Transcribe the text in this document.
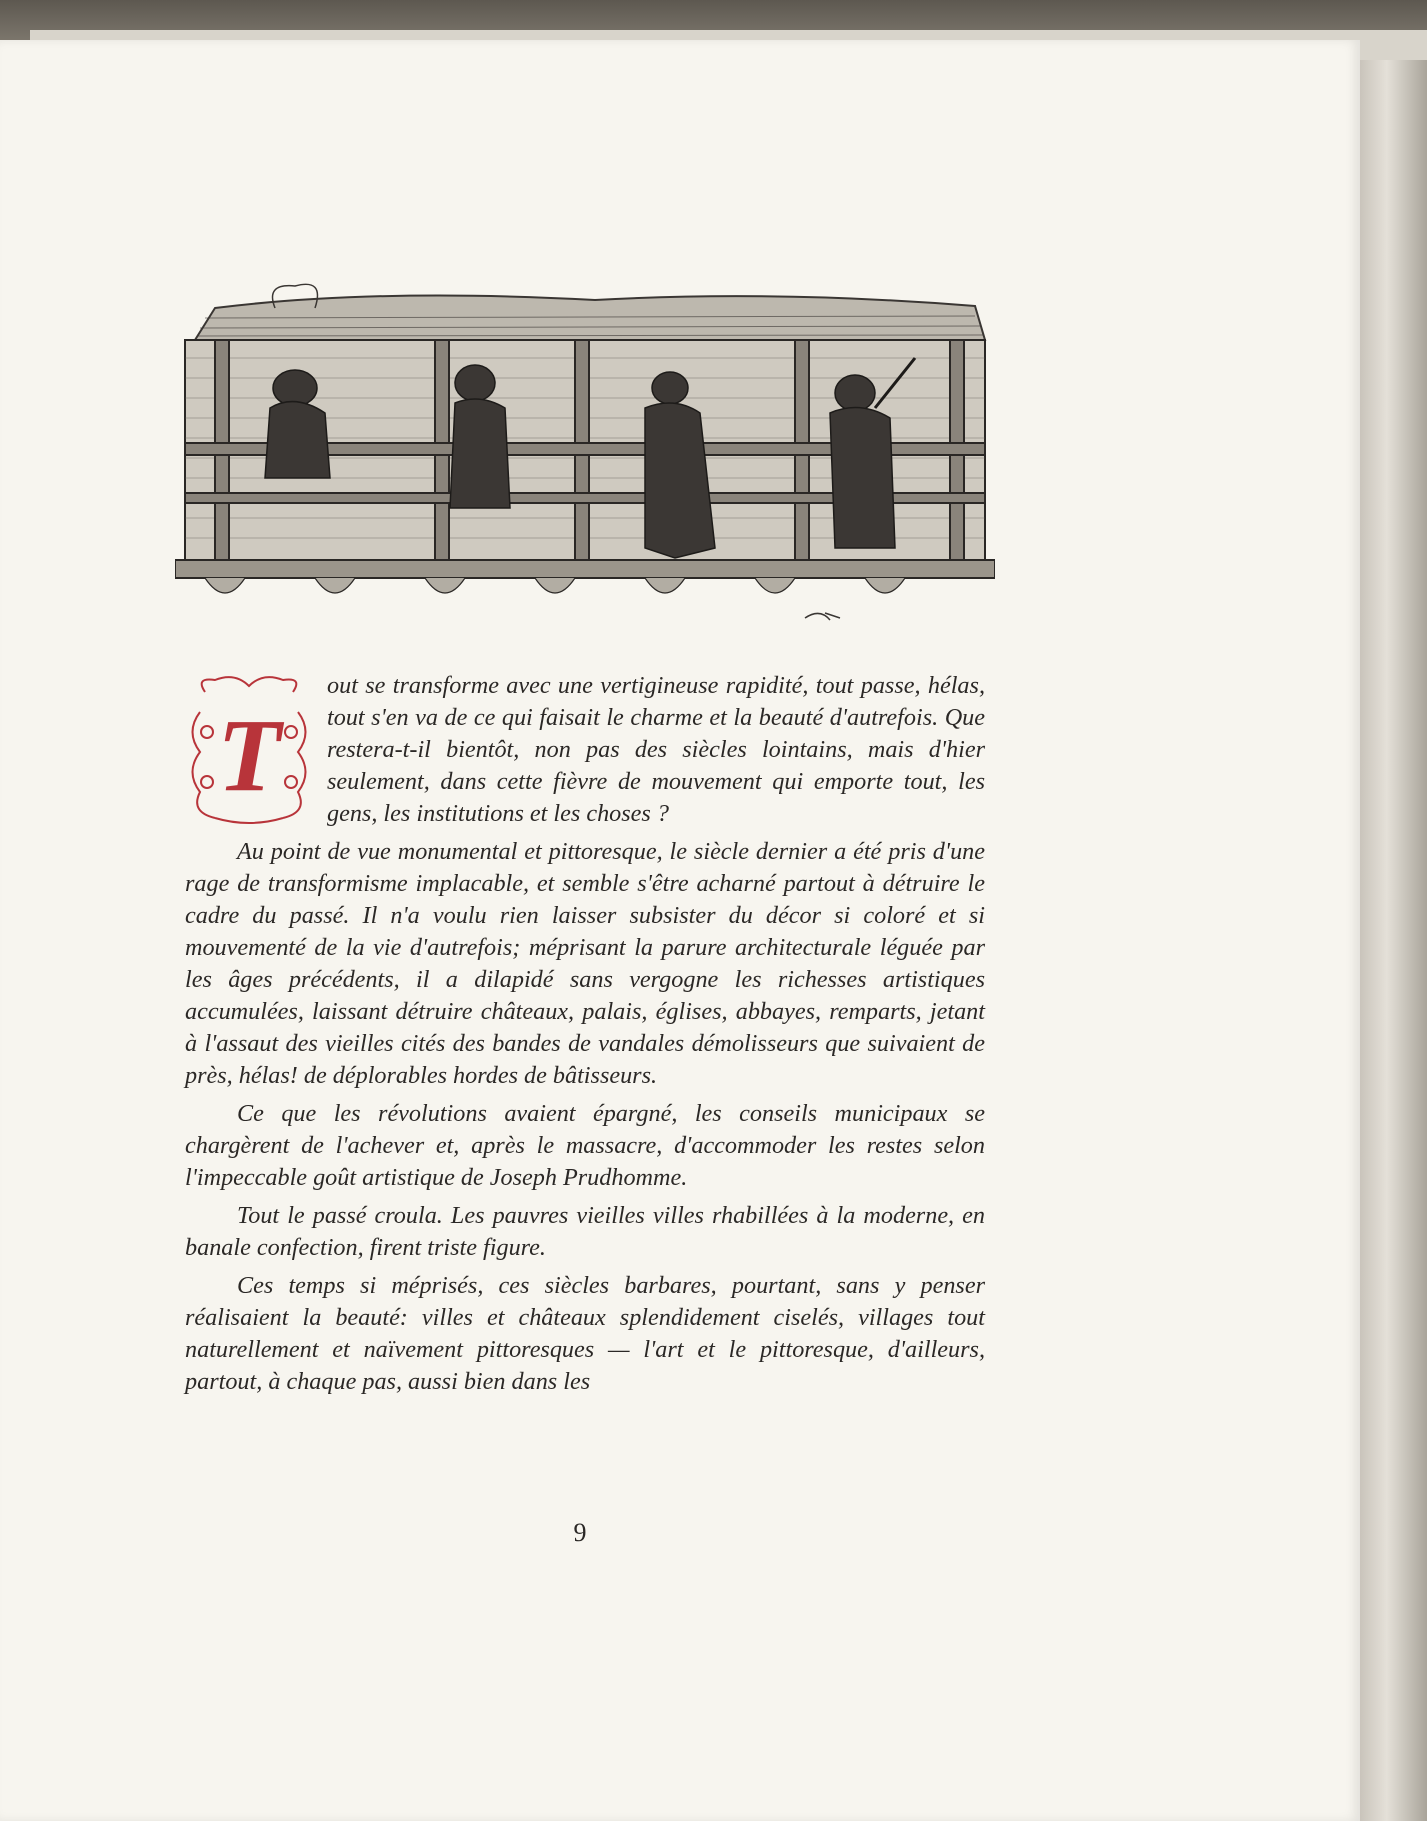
T

out se transforme avec une vertigineuse rapidité, tout passe, hélas, tout s'en va de ce qui faisait le charme et la beauté d'autrefois. Que restera-t-il bientôt, non pas des siècles lointains, mais d'hier seulement, dans cette fièvre de mouvement qui emporte tout, les gens, les institutions et les choses ?

Au point de vue monumental et pittoresque, le siècle dernier a été pris d'une rage de transformisme implacable, et semble s'être acharné partout à détruire le cadre du passé. Il n'a voulu rien laisser subsister du décor si coloré et si mouvementé de la vie d'autrefois; méprisant la parure architecturale léguée par les âges précédents, il a dilapidé sans vergogne les richesses artistiques accumulées, laissant détruire châteaux, palais, églises, abbayes, remparts, jetant à l'assaut des vieilles cités des bandes de vandales démolisseurs que suivaient de près, hélas! de déplorables hordes de bâtisseurs.

Ce que les révolutions avaient épargné, les conseils municipaux se chargèrent de l'achever et, après le massacre, d'accommoder les restes selon l'impeccable goût artistique de Joseph Prudhomme.

Tout le passé croula. Les pauvres vieilles villes rhabillées à la moderne, en banale confection, firent triste figure.

Ces temps si méprisés, ces siècles barbares, pourtant, sans y penser réalisaient la beauté: villes et châteaux splendidement ciselés, villages tout naturellement et naïvement pittoresques — l'art et le pittoresque, d'ailleurs, partout, à chaque pas, aussi bien dans les

9
